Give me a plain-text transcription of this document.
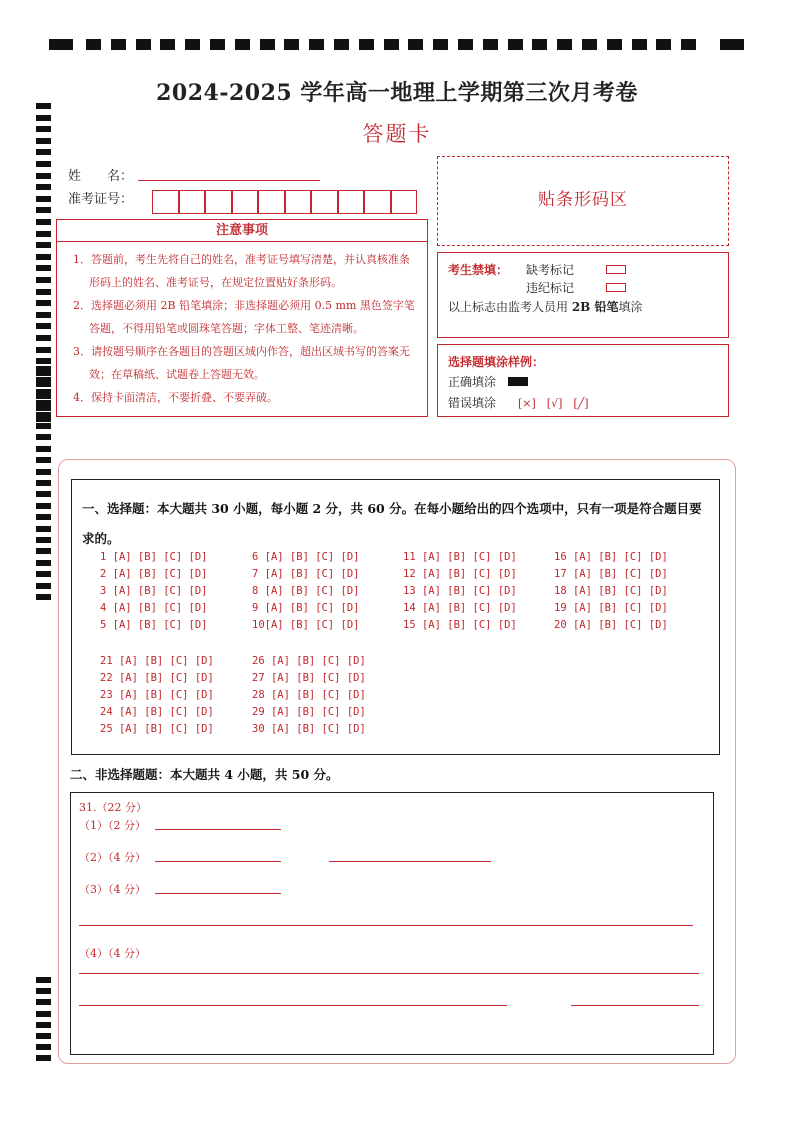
2024-2025 学年高一地理上学期第三次月考卷
答题卡
姓　　名：
准考证号：
注意事项

1．答题前，考生先将自己的姓名，准考证号填写清楚，并认真核准条形码上的姓名、准考证号，在规定位置贴好条形码。

2．选择题必须用 2B 铅笔填涂；非选择题必须用 0.5 mm 黑色签字笔答题，不得用铅笔或圆珠笔答题；字体工整、笔迹清晰。

3．请按题号顺序在各题目的答题区域内作答，超出区域书写的答案无效；在草稿纸、试题卷上答题无效。

4．保持卡面清洁，不要折叠、不要弄破。

贴条形码区
考生禁填： 缺考标记
违纪标记
以上标志由监考人员用 2B 铅笔填涂
选择题填涂样例：
正确填涂
错误填涂 [×]　[√]　[╱]
一、选择题：本大题共 30 小题，每小题 2 分，共 60 分。在每小题给出的四个选项中，只有一项是符合题目要求的。
1 [A] [B] [C] [D]
2 [A] [B] [C] [D]
3 [A] [B] [C] [D]
4 [A] [B] [C] [D]
5 [A] [B] [C] [D]
6 [A] [B] [C] [D]
7 [A] [B] [C] [D]
8 [A] [B] [C] [D]
9 [A] [B] [C] [D]
10[A] [B] [C] [D]
11 [A] [B] [C] [D]
12 [A] [B] [C] [D]
13 [A] [B] [C] [D]
14 [A] [B] [C] [D]
15 [A] [B] [C] [D]
16 [A] [B] [C] [D]
17 [A] [B] [C] [D]
18 [A] [B] [C] [D]
19 [A] [B] [C] [D]
20 [A] [B] [C] [D]
21 [A] [B] [C] [D]
22 [A] [B] [C] [D]
23 [A] [B] [C] [D]
24 [A] [B] [C] [D]
25 [A] [B] [C] [D]
26 [A] [B] [C] [D]
27 [A] [B] [C] [D]
28 [A] [B] [C] [D]
29 [A] [B] [C] [D]
30 [A] [B] [C] [D]
二、非选择题题：本大题共 4 小题，共 50 分。
31.（22 分）
（1）（2 分）
（2）（4 分）
（3）（4 分）
（4）（4 分）
